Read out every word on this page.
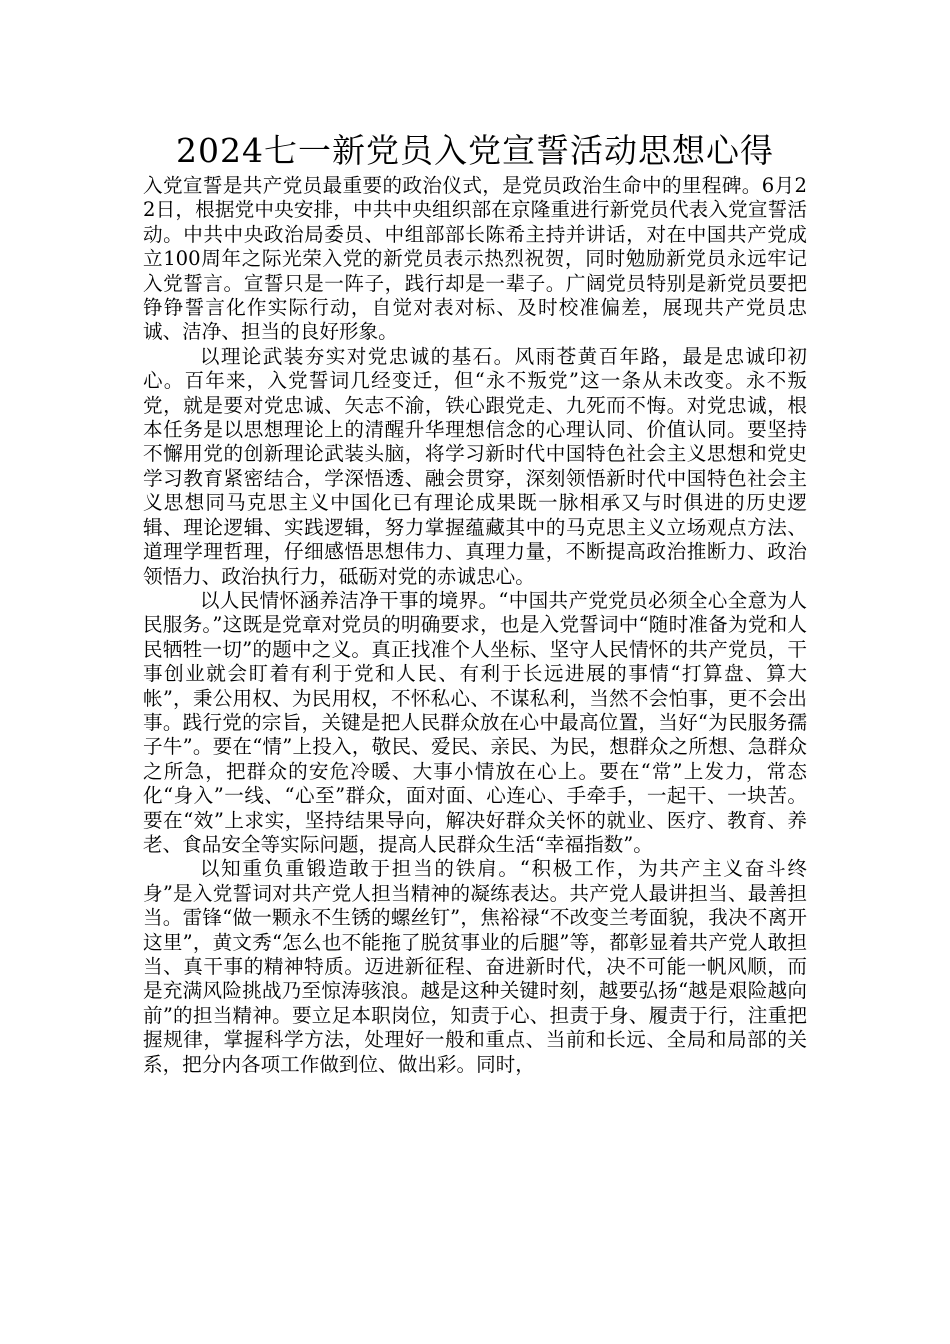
2024七一新党员入党宣誓活动思想心得

入党宣誓是共产党员最重要的政治仪式，是党员政治生命中的里程碑。6月22日，根据党中央安排，中共中央组织部在京隆重进行新党员代表入党宣誓活动。中共中央政治局委员、中组部部长陈希主持并讲话，对在中国共产党成立100周年之际光荣入党的新党员表示热烈祝贺，同时勉励新党员永远牢记入党誓言。宣誓只是一阵子，践行却是一辈子。广阔党员特别是新党员要把铮铮誓言化作实际行动，自觉对表对标、及时校准偏差，展现共产党员忠诚、洁净、担当的良好形象。

以理论武装夯实对党忠诚的基石。风雨苍黄百年路，最是忠诚印初心。百年来，入党誓词几经变迁，但“永不叛党”这一条从未改变。永不叛党，就是要对党忠诚、矢志不渝，铁心跟党走、九死而不悔。对党忠诚，根本任务是以思想理论上的清醒升华理想信念的心理认同、价值认同。要坚持不懈用党的创新理论武装头脑，将学习新时代中国特色社会主义思想和党史学习教育紧密结合，学深悟透、融会贯穿，深刻领悟新时代中国特色社会主义思想同马克思主义中国化已有理论成果既一脉相承又与时俱进的历史逻辑、理论逻辑、实践逻辑，努力掌握蕴藏其中的马克思主义立场观点方法、道理学理哲理，仔细感悟思想伟力、真理力量，不断提高政治推断力、政治领悟力、政治执行力，砥砺对党的赤诚忠心。

以人民情怀涵养洁净干事的境界。“中国共产党党员必须全心全意为人民服务。”这既是党章对党员的明确要求，也是入党誓词中“随时准备为党和人民牺牲一切”的题中之义。真正找准个人坐标、坚守人民情怀的共产党员，干事创业就会盯着有利于党和人民、有利于长远进展的事情“打算盘、算大帐”，秉公用权、为民用权，不怀私心、不谋私利，当然不会怕事，更不会出事。践行党的宗旨，关键是把人民群众放在心中最高位置，当好“为民服务孺子牛”。要在“情”上投入，敬民、爱民、亲民、为民，想群众之所想、急群众之所急，把群众的安危冷暖、大事小情放在心上。要在“常”上发力，常态化“身入”一线、“心至”群众，面对面、心连心、手牵手，一起干、一块苦。要在“效”上求实，坚持结果导向，解决好群众关怀的就业、医疗、教育、养老、食品安全等实际问题，提高人民群众生活“幸福指数”。

以知重负重锻造敢于担当的铁肩。“积极工作，为共产主义奋斗终身”是入党誓词对共产党人担当精神的凝练表达。共产党人最讲担当、最善担当。雷锋“做一颗永不生锈的螺丝钉”，焦裕禄“不改变兰考面貌，我决不离开这里”，黄文秀“怎么也不能拖了脱贫事业的后腿”等，都彰显着共产党人敢担当、真干事的精神特质。迈进新征程、奋进新时代，决不可能一帆风顺，而是充满风险挑战乃至惊涛骇浪。越是这种关键时刻，越要弘扬“越是艰险越向前”的担当精神。要立足本职岗位，知责于心、担责于身、履责于行，注重把握规律，掌握科学方法，处理好一般和重点、当前和长远、全局和局部的关系，把分内各项工作做到位、做出彩。同时，
